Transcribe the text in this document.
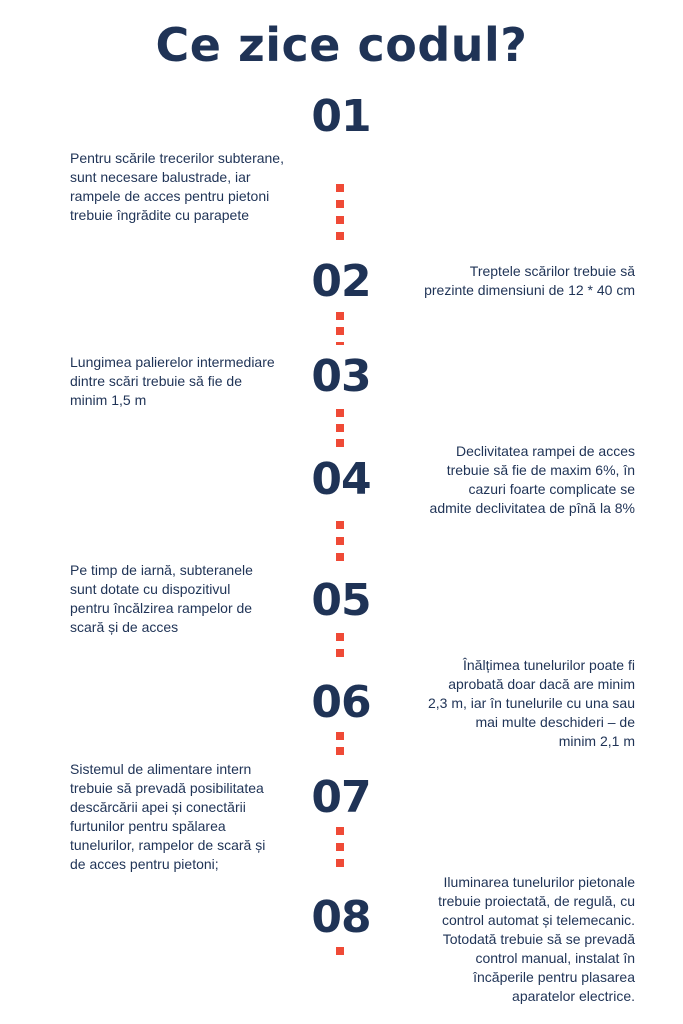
Ce zice codul?
01

Pentru scările trecerilor subterane,
sunt necesare balustrade, iar
rampele de acces pentru pietoni
trebuie îngrădite cu parapete

02	Treptele scărilor trebuie să
prezinte dimensiuni de 12 * 40 cm

03

Lungimea palierelor intermediare
dintre scări trebuie să fie de
minim 1,5 m

04

Declivitatea rampei de acces
trebuie să fie de maxim 6%, în
cazuri foarte complicate se
admite declivitatea de pînă la 8%

05

Pe timp de iarnă, subteranele
sunt dotate cu dispozitivul
pentru încălzirea rampelor de
scară și de acces

06

Înălțimea tunelurilor poate fi
aprobată doar dacă are minim
2,3 m, iar în tunelurile cu una sau
mai multe deschideri – de
minim 2,1 m

07

Sistemul de alimentare intern
trebuie să prevadă posibilitatea
descărcării apei și conectării
furtunilor pentru spălarea
tunelurilor, rampelor de scară și
de acces pentru pietoni;

08

Iluminarea tunelurilor pietonale
trebuie proiectată, de regulă, cu
control automat și telemecanic.
Totodată trebuie să se prevadă
control manual, instalat în
încăperile pentru plasarea
aparatelor electrice.
